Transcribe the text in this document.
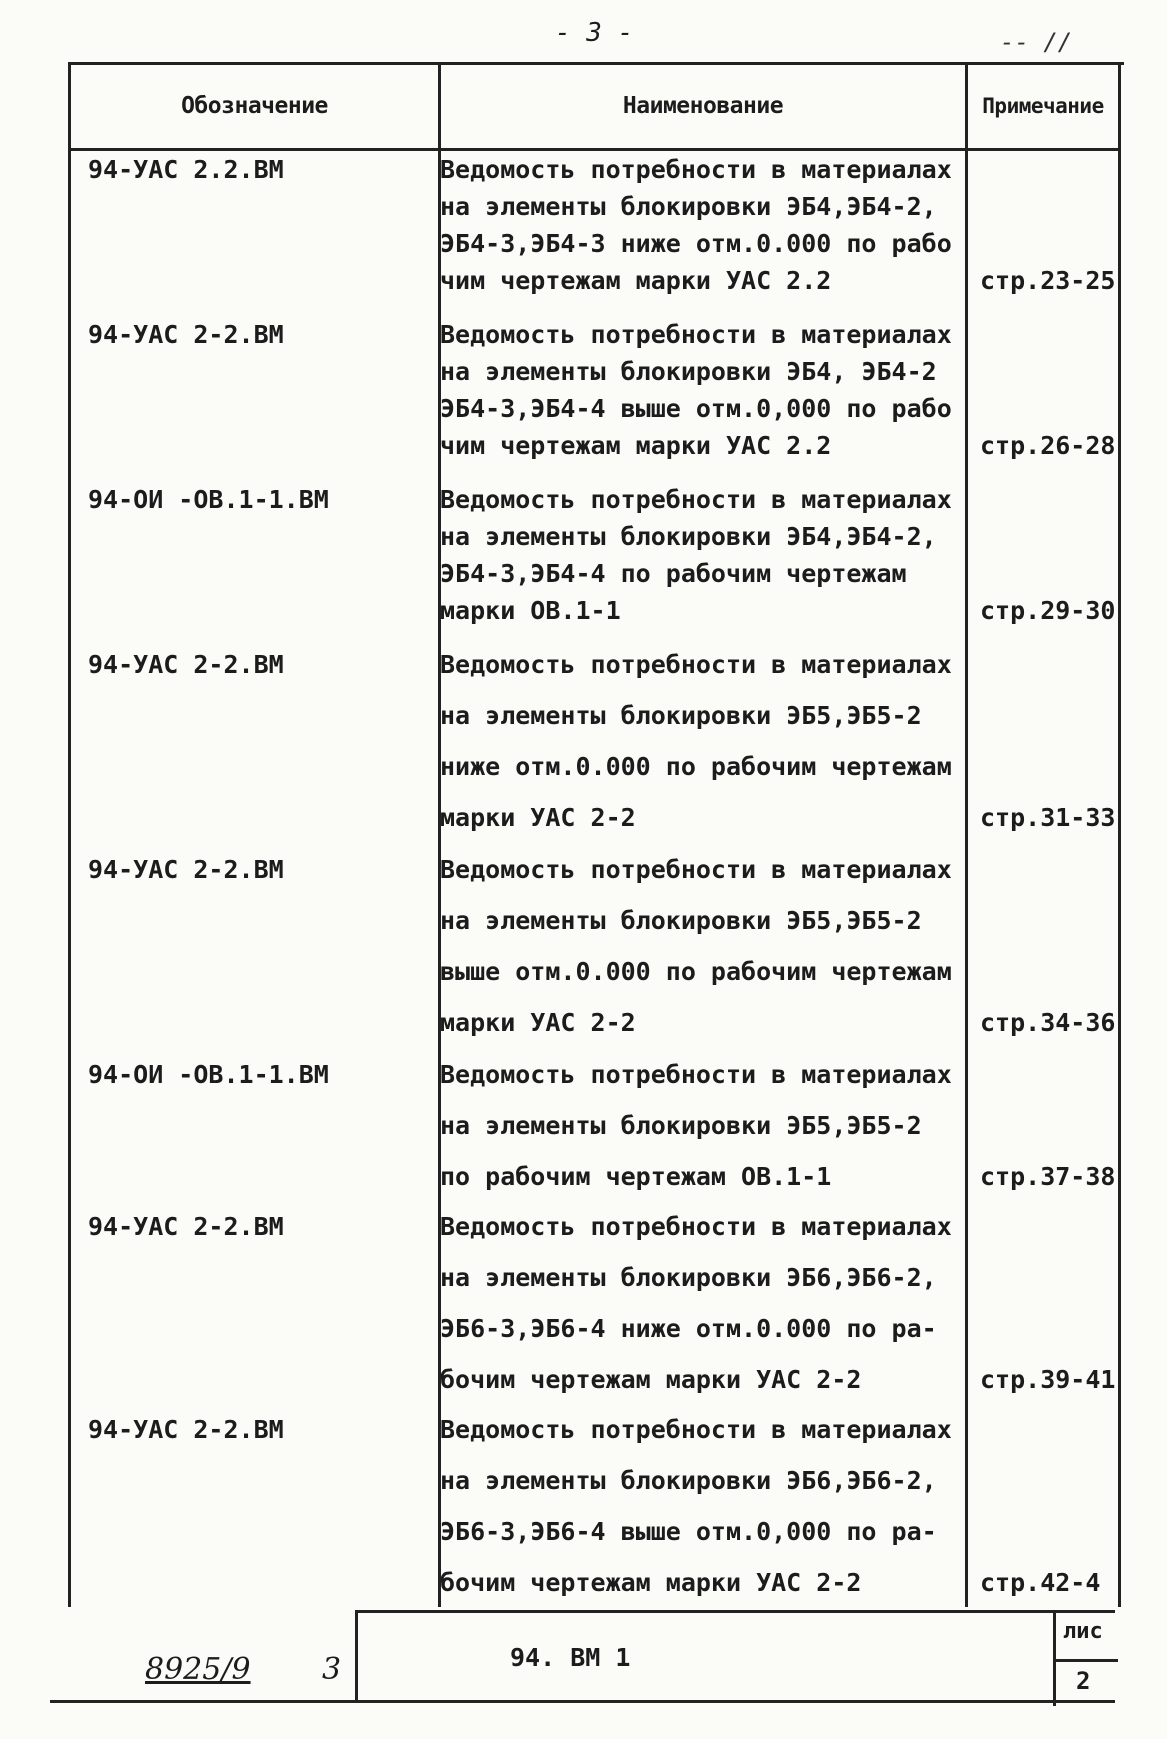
- 3 -	-- //
Обозначение	Наименование	Примечание
94-УАС 2.2.ВМ	Ведомость потребности в материалах
на элементы блокировки ЭБ4,ЭБ4-2,
ЭБ4-3,ЭБ4-3 ниже отм.0.000 по рабо
чим чертежам марки УАС 2.2	стр.23-25
94-УАС 2-2.ВМ	Ведомость потребности в материалах
на элементы блокировки ЭБ4, ЭБ4-2
ЭБ4-3,ЭБ4-4 выше отм.0,000 по рабо
чим чертежам марки УАС 2.2	стр.26-28
94-ОИ -ОВ.1-1.ВМ	Ведомость потребности в материалах
на элементы блокировки ЭБ4,ЭБ4-2,
ЭБ4-3,ЭБ4-4 по рабочим чертежам
марки ОВ.1-1	стр.29-30
94-УАС 2-2.ВМ	Ведомость потребности в материалах
на элементы блокировки ЭБ5,ЭБ5-2
ниже отм.0.000 по рабочим чертежам
марки УАС 2-2	стр.31-33
94-УАС 2-2.ВМ	Ведомость потребности в материалах
на элементы блокировки ЭБ5,ЭБ5-2
выше отм.0.000 по рабочим чертежам
марки УАС 2-2	стр.34-36
94-ОИ -ОВ.1-1.ВМ	Ведомость потребности в материалах
на элементы блокировки ЭБ5,ЭБ5-2
по рабочим чертежам ОВ.1-1	стр.37-38
94-УАС 2-2.ВМ	Ведомость потребности в материалах
на элементы блокировки ЭБ6,ЭБ6-2,
ЭБ6-3,ЭБ6-4 ниже отм.0.000 по ра-
бочим чертежам марки УАС 2-2	стр.39-41
94-УАС 2-2.ВМ	Ведомость потребности в материалах
на элементы блокировки ЭБ6,ЭБ6-2,
ЭБ6-3,ЭБ6-4 выше отм.0,000 по ра-
бочим чертежам марки УАС 2-2	стр.42-4
94. ВМ 1
лис
2
8925/9 3
